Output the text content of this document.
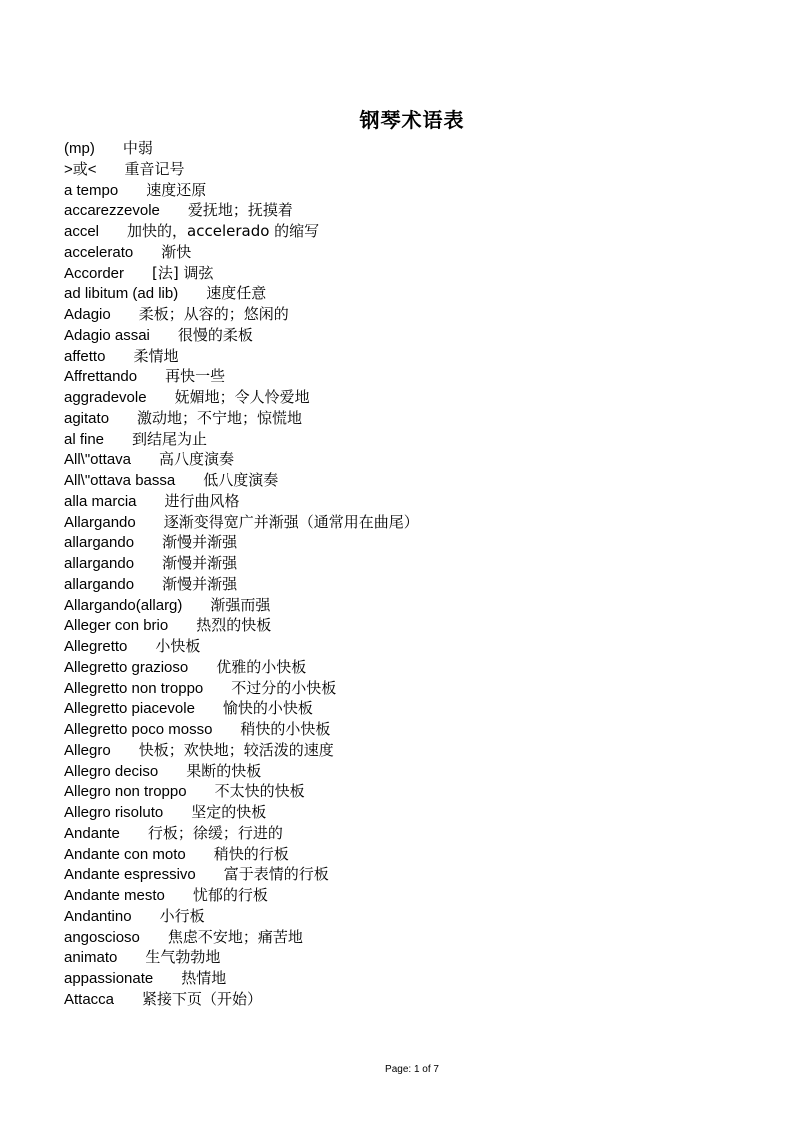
钢琴术语表
(mp) 中弱
>或< 重音记号
a tempo 速度还原
accarezzevole 爱抚地；抚摸着
accel 加快的，accelerado 的缩写
accelerato 渐快
Accorder [法] 调弦
ad libitum (ad lib) 速度任意
Adagio 柔板；从容的；悠闲的
Adagio assai 很慢的柔板
affetto 柔情地
Affrettando 再快一些
aggradevole 妩媚地；令人怜爱地
agitato 激动地；不宁地；惊慌地
al fine 到结尾为止
All\"ottava 高八度演奏
All\"ottava bassa 低八度演奏
alla marcia 进行曲风格
Allargando 逐渐变得宽广并渐强（通常用在曲尾）
allargando 渐慢并渐强
allargando 渐慢并渐强
allargando 渐慢并渐强
Allargando(allarg) 渐强而强
Alleger con brio 热烈的快板
Allegretto 小快板
Allegretto grazioso 优雅的小快板
Allegretto non troppo 不过分的小快板
Allegretto piacevole 愉快的小快板
Allegretto poco mosso 稍快的小快板
Allegro 快板；欢快地；较活泼的速度
Allegro deciso 果断的快板
Allegro non troppo 不太快的快板
Allegro risoluto 坚定的快板
Andante 行板；徐缓；行进的
Andante con moto 稍快的行板
Andante espressivo 富于表情的行板
Andante mesto 忧郁的行板
Andantino 小行板
angoscioso 焦虑不安地；痛苦地
animato 生气勃勃地
appassionate 热情地
Attacca 紧接下页（开始）
Page: 1 of 7
